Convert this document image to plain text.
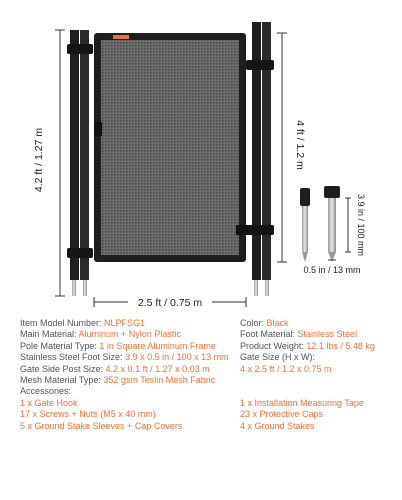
4.2 ft / 1.27 m	4 ft / 1.2 m
2.5 ft / 0.75 m
3.9 in / 100 mm
0.5 in / 13 mm
Item Model Number: NLPFSG1	Color: Black
Main Material: Aluminum + Nylon Plastic	Foot Material: Stainless Steel
Pole Material Type: 1 in Square Aluminum Frame	Product Weight: 12.1 lbs / 5.48 kg
Stainless Steel Foot Size: 3.9 x 0.5 in / 100 x 13 mm	Gate Size (H x W):
Gate Side Post Size: 4.2 x 0.1 ft / 1.27 x 0.03 m	4 x 2.5 ft / 1.2 x 0.75 m
Mesh Material Type: 352 gsm Teslin Mesh Fabric
Accessories:
1 x Gate Hook	1 x Installation Measuring Tape
17 x Screws + Nuts (M5 x 40 mm)	23 x Protective Caps
5 x Ground Stake Sleeves + Cap Covers	4 x Ground Stakes
